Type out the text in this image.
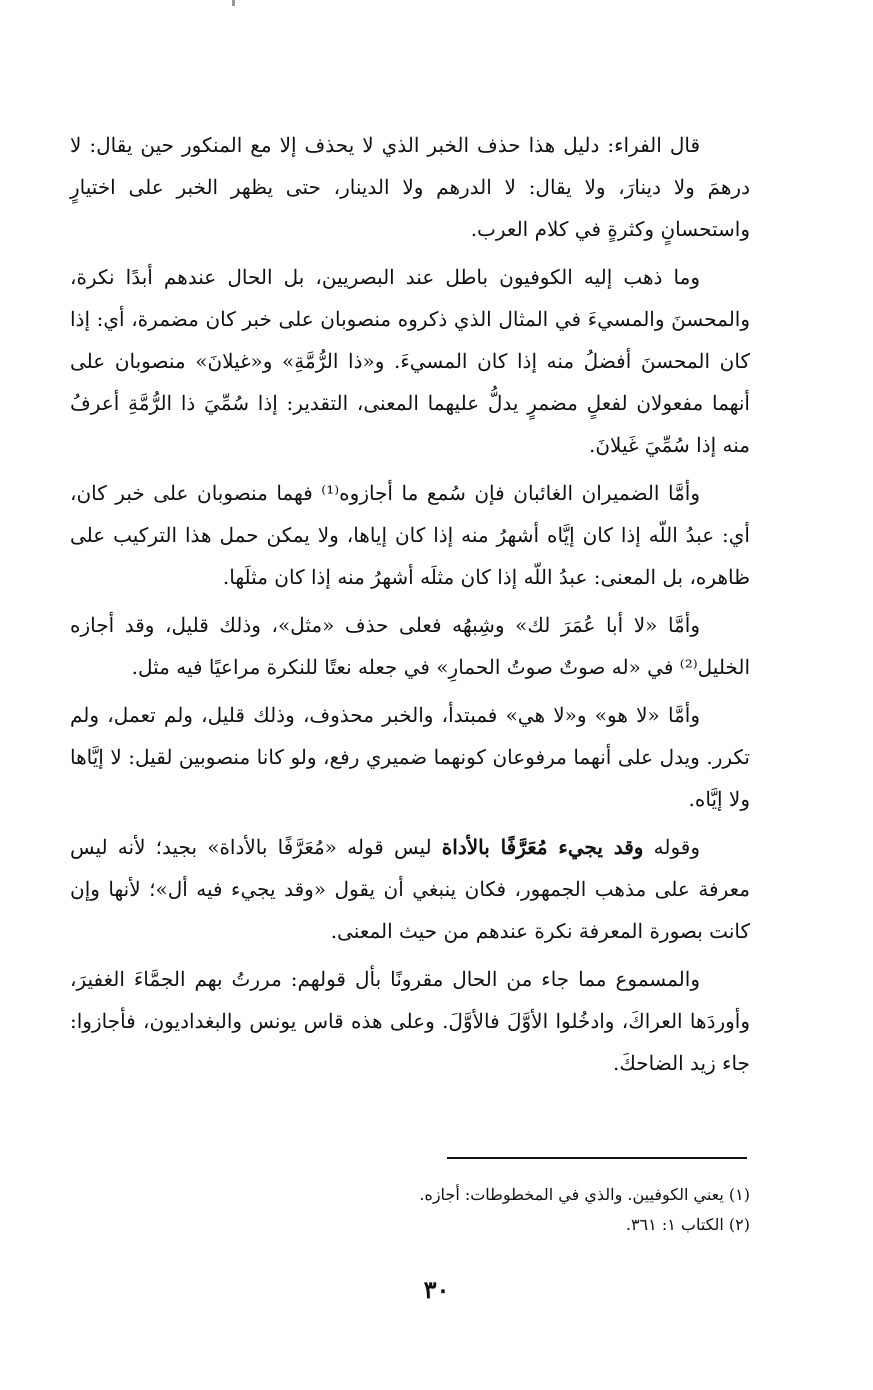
قال الفراء: دليل هذا حذف الخبر الذي لا يحذف إلا مع المنكور حين يقال: لا درهمَ ولا دينارَ، ولا يقال: لا الدرهم ولا الدينار، حتى يظهر الخبر على اختيارٍ واستحسانٍ وكثرةٍ في كلام العرب.

وما ذهب إليه الكوفيون باطل عند البصريين، بل الحال عندهم أبدًا نكرة، والمحسنَ والمسيءَ في المثال الذي ذكروه منصوبان على خبر كان مضمرة، أي: إذا كان المحسنَ أفضلُ منه إذا كان المسيءَ. و«ذا الرُّمَّةِ» و«غيلانَ» منصوبان على أنهما مفعولان لفعلٍ مضمرٍ يدلُّ عليهما المعنى، التقدير: إذا سُمِّيَ ذا الرُّمَّةِ أعرفُ منه إذا سُمِّيَ غَيلانَ.

وأمَّا الضميران الغائبان فإن سُمع ما أجازوه⁽¹⁾ فهما منصوبان على خبر كان، أي: عبدُ اللّه إذا كان إيَّاه أشهرُ منه إذا كان إياها، ولا يمكن حمل هذا التركيب على ظاهره، بل المعنى: عبدُ اللّه إذا كان مثلَه أشهرُ منه إذا كان مثلَها.

وأمَّا «لا أبا عُمَرَ لك» وشِبهُه فعلى حذف «مثل»، وذلك قليل، وقد أجازه الخليل⁽²⁾ في «له صوتٌ صوتُ الحمارِ» في جعله نعتًا للنكرة مراعيًا فيه مثل.

وأمَّا «لا هو» و«لا هي» فمبتدأ، والخبر محذوف، وذلك قليل، ولم تعمل، ولم تكرر. ويدل على أنهما مرفوعان كونهما ضميري رفع، ولو كانا منصوبين لقيل: لا إيَّاها ولا إيَّاه.

وقوله وقد يجيء مُعَرَّفًا بالأداة ليس قوله «مُعَرَّفًا بالأداة» بجيد؛ لأنه ليس معرفة على مذهب الجمهور، فكان ينبغي أن يقول «وقد يجيء فيه أل»؛ لأنها وإن كانت بصورة المعرفة نكرة عندهم من حيث المعنى.

والمسموع مما جاء من الحال مقرونًا بأل قولهم: مررتُ بهم الجمَّاءَ الغفيرَ، وأوردَها العراكَ، وادخُلوا الأوَّلَ فالأوَّلَ. وعلى هذه قاس يونس والبغداديون، فأجازوا: جاء زيد الضاحكَ.

(١) يعني الكوفيين. والذي في المخطوطات: أجازه.

(٢) الكتاب ١: ٣٦١.

٣٠
